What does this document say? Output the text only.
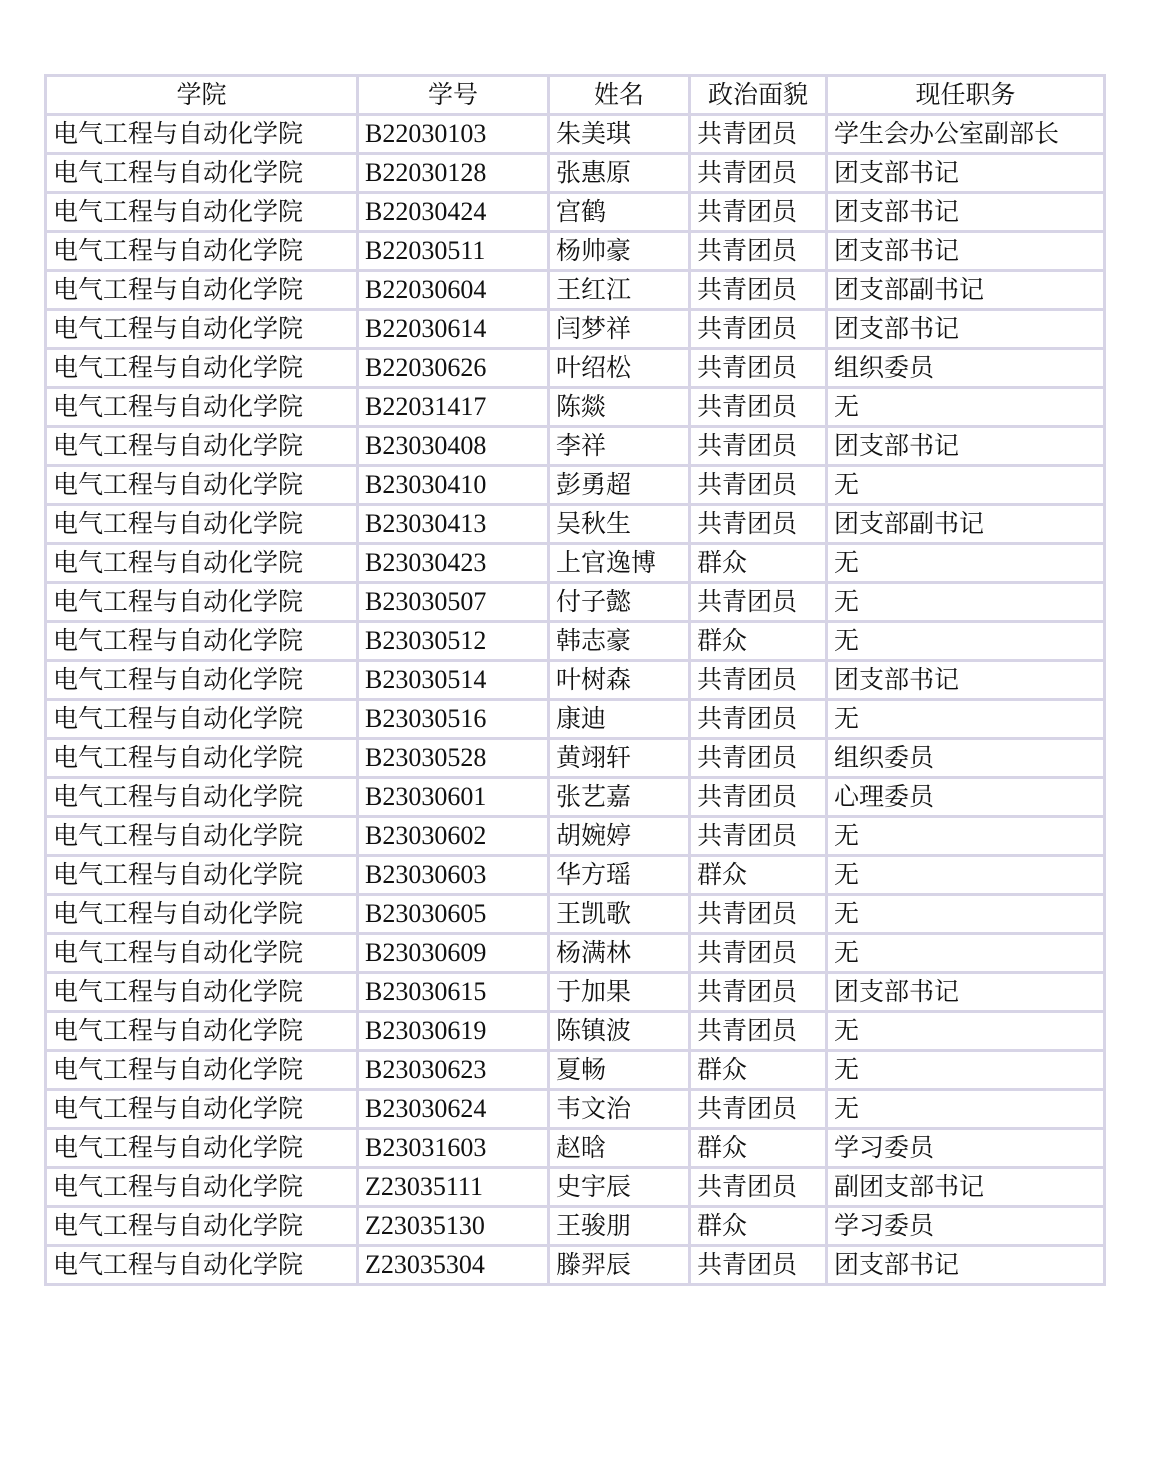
学院	学号	姓名	政治面貌	现任职务
电气工程与自动化学院	B22030103	朱美琪	共青团员	学生会办公室副部长
电气工程与自动化学院	B22030128	张惠原	共青团员	团支部书记
电气工程与自动化学院	B22030424	宫鹤	共青团员	团支部书记
电气工程与自动化学院	B22030511	杨帅豪	共青团员	团支部书记
电气工程与自动化学院	B22030604	王红江	共青团员	团支部副书记
电气工程与自动化学院	B22030614	闫梦祥	共青团员	团支部书记
电气工程与自动化学院	B22030626	叶绍松	共青团员	组织委员
电气工程与自动化学院	B22031417	陈燚	共青团员	无
电气工程与自动化学院	B23030408	李祥	共青团员	团支部书记
电气工程与自动化学院	B23030410	彭勇超	共青团员	无
电气工程与自动化学院	B23030413	吴秋生	共青团员	团支部副书记
电气工程与自动化学院	B23030423	上官逸博	群众	无
电气工程与自动化学院	B23030507	付子懿	共青团员	无
电气工程与自动化学院	B23030512	韩志豪	群众	无
电气工程与自动化学院	B23030514	叶树森	共青团员	团支部书记
电气工程与自动化学院	B23030516	康迪	共青团员	无
电气工程与自动化学院	B23030528	黄翊轩	共青团员	组织委员
电气工程与自动化学院	B23030601	张艺嘉	共青团员	心理委员
电气工程与自动化学院	B23030602	胡婉婷	共青团员	无
电气工程与自动化学院	B23030603	华方瑶	群众	无
电气工程与自动化学院	B23030605	王凯歌	共青团员	无
电气工程与自动化学院	B23030609	杨满林	共青团员	无
电气工程与自动化学院	B23030615	于加果	共青团员	团支部书记
电气工程与自动化学院	B23030619	陈镇波	共青团员	无
电气工程与自动化学院	B23030623	夏畅	群众	无
电气工程与自动化学院	B23030624	韦文治	共青团员	无
电气工程与自动化学院	B23031603	赵晗	群众	学习委员
电气工程与自动化学院	Z23035111	史宇辰	共青团员	副团支部书记
电气工程与自动化学院	Z23035130	王骏朋	群众	学习委员
电气工程与自动化学院	Z23035304	滕羿辰	共青团员	团支部书记
